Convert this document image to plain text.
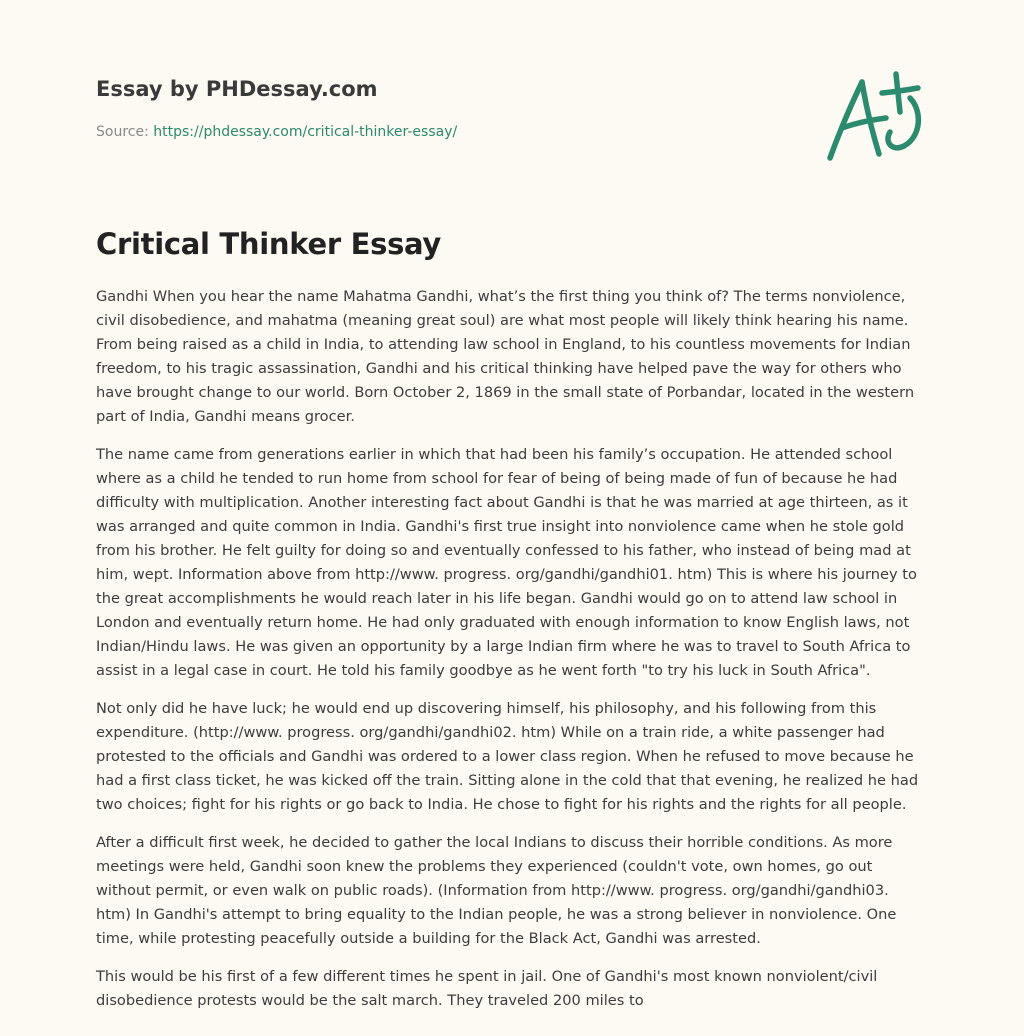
Essay by PHDessay.com
Source: https://phdessay.com/critical-thinker-essay/
Critical Thinker Essay

Gandhi When you hear the name Mahatma Gandhi, what’s the first thing you think of? The terms nonviolence, civil disobedience, and mahatma (meaning great soul) are what most people will likely think hearing his name. From being raised as a child in India, to attending law school in England, to his countless movements for Indian freedom, to his tragic assassination, Gandhi and his critical thinking have helped pave the way for others who have brought change to our world. Born October 2, 1869 in the small state of Porbandar, located in the western part of India, Gandhi means grocer.

The name came from generations earlier in which that had been his family’s occupation. He attended school where as a child he tended to run home from school for fear of being of being made of fun of because he had difficulty with multiplication. Another interesting fact about Gandhi is that he was married at age thirteen, as it was arranged and quite common in India. Gandhi's first true insight into nonviolence came when he stole gold from his brother. He felt guilty for doing so and eventually confessed to his father, who instead of being mad at him, wept. Information above from http://www. progress. org/gandhi/gandhi01. htm) This is where his journey to the great accomplishments he would reach later in his life began. Gandhi would go on to attend law school in London and eventually return home. He had only graduated with enough information to know English laws, not Indian/Hindu laws. He was given an opportunity by a large Indian firm where he was to travel to South Africa to assist in a legal case in court. He told his family goodbye as he went forth "to try his luck in South Africa".

Not only did he have luck; he would end up discovering himself, his philosophy, and his following from this expenditure. (http://www. progress. org/gandhi/gandhi02. htm) While on a train ride, a white passenger had protested to the officials and Gandhi was ordered to a lower class region. When he refused to move because he had a first class ticket, he was kicked off the train. Sitting alone in the cold that that evening, he realized he had two choices; fight for his rights or go back to India. He chose to fight for his rights and the rights for all people.

After a difficult first week, he decided to gather the local Indians to discuss their horrible conditions. As more meetings were held, Gandhi soon knew the problems they experienced (couldn't vote, own homes, go out without permit, or even walk on public roads). (Information from http://www. progress. org/gandhi/gandhi03. htm) In Gandhi's attempt to bring equality to the Indian people, he was a strong believer in nonviolence. One time, while protesting peacefully outside a building for the Black Act, Gandhi was arrested.

This would be his first of a few different times he spent in jail. One of Gandhi's most known nonviolent/civil disobedience protests would be the salt march. They traveled 200 miles to
